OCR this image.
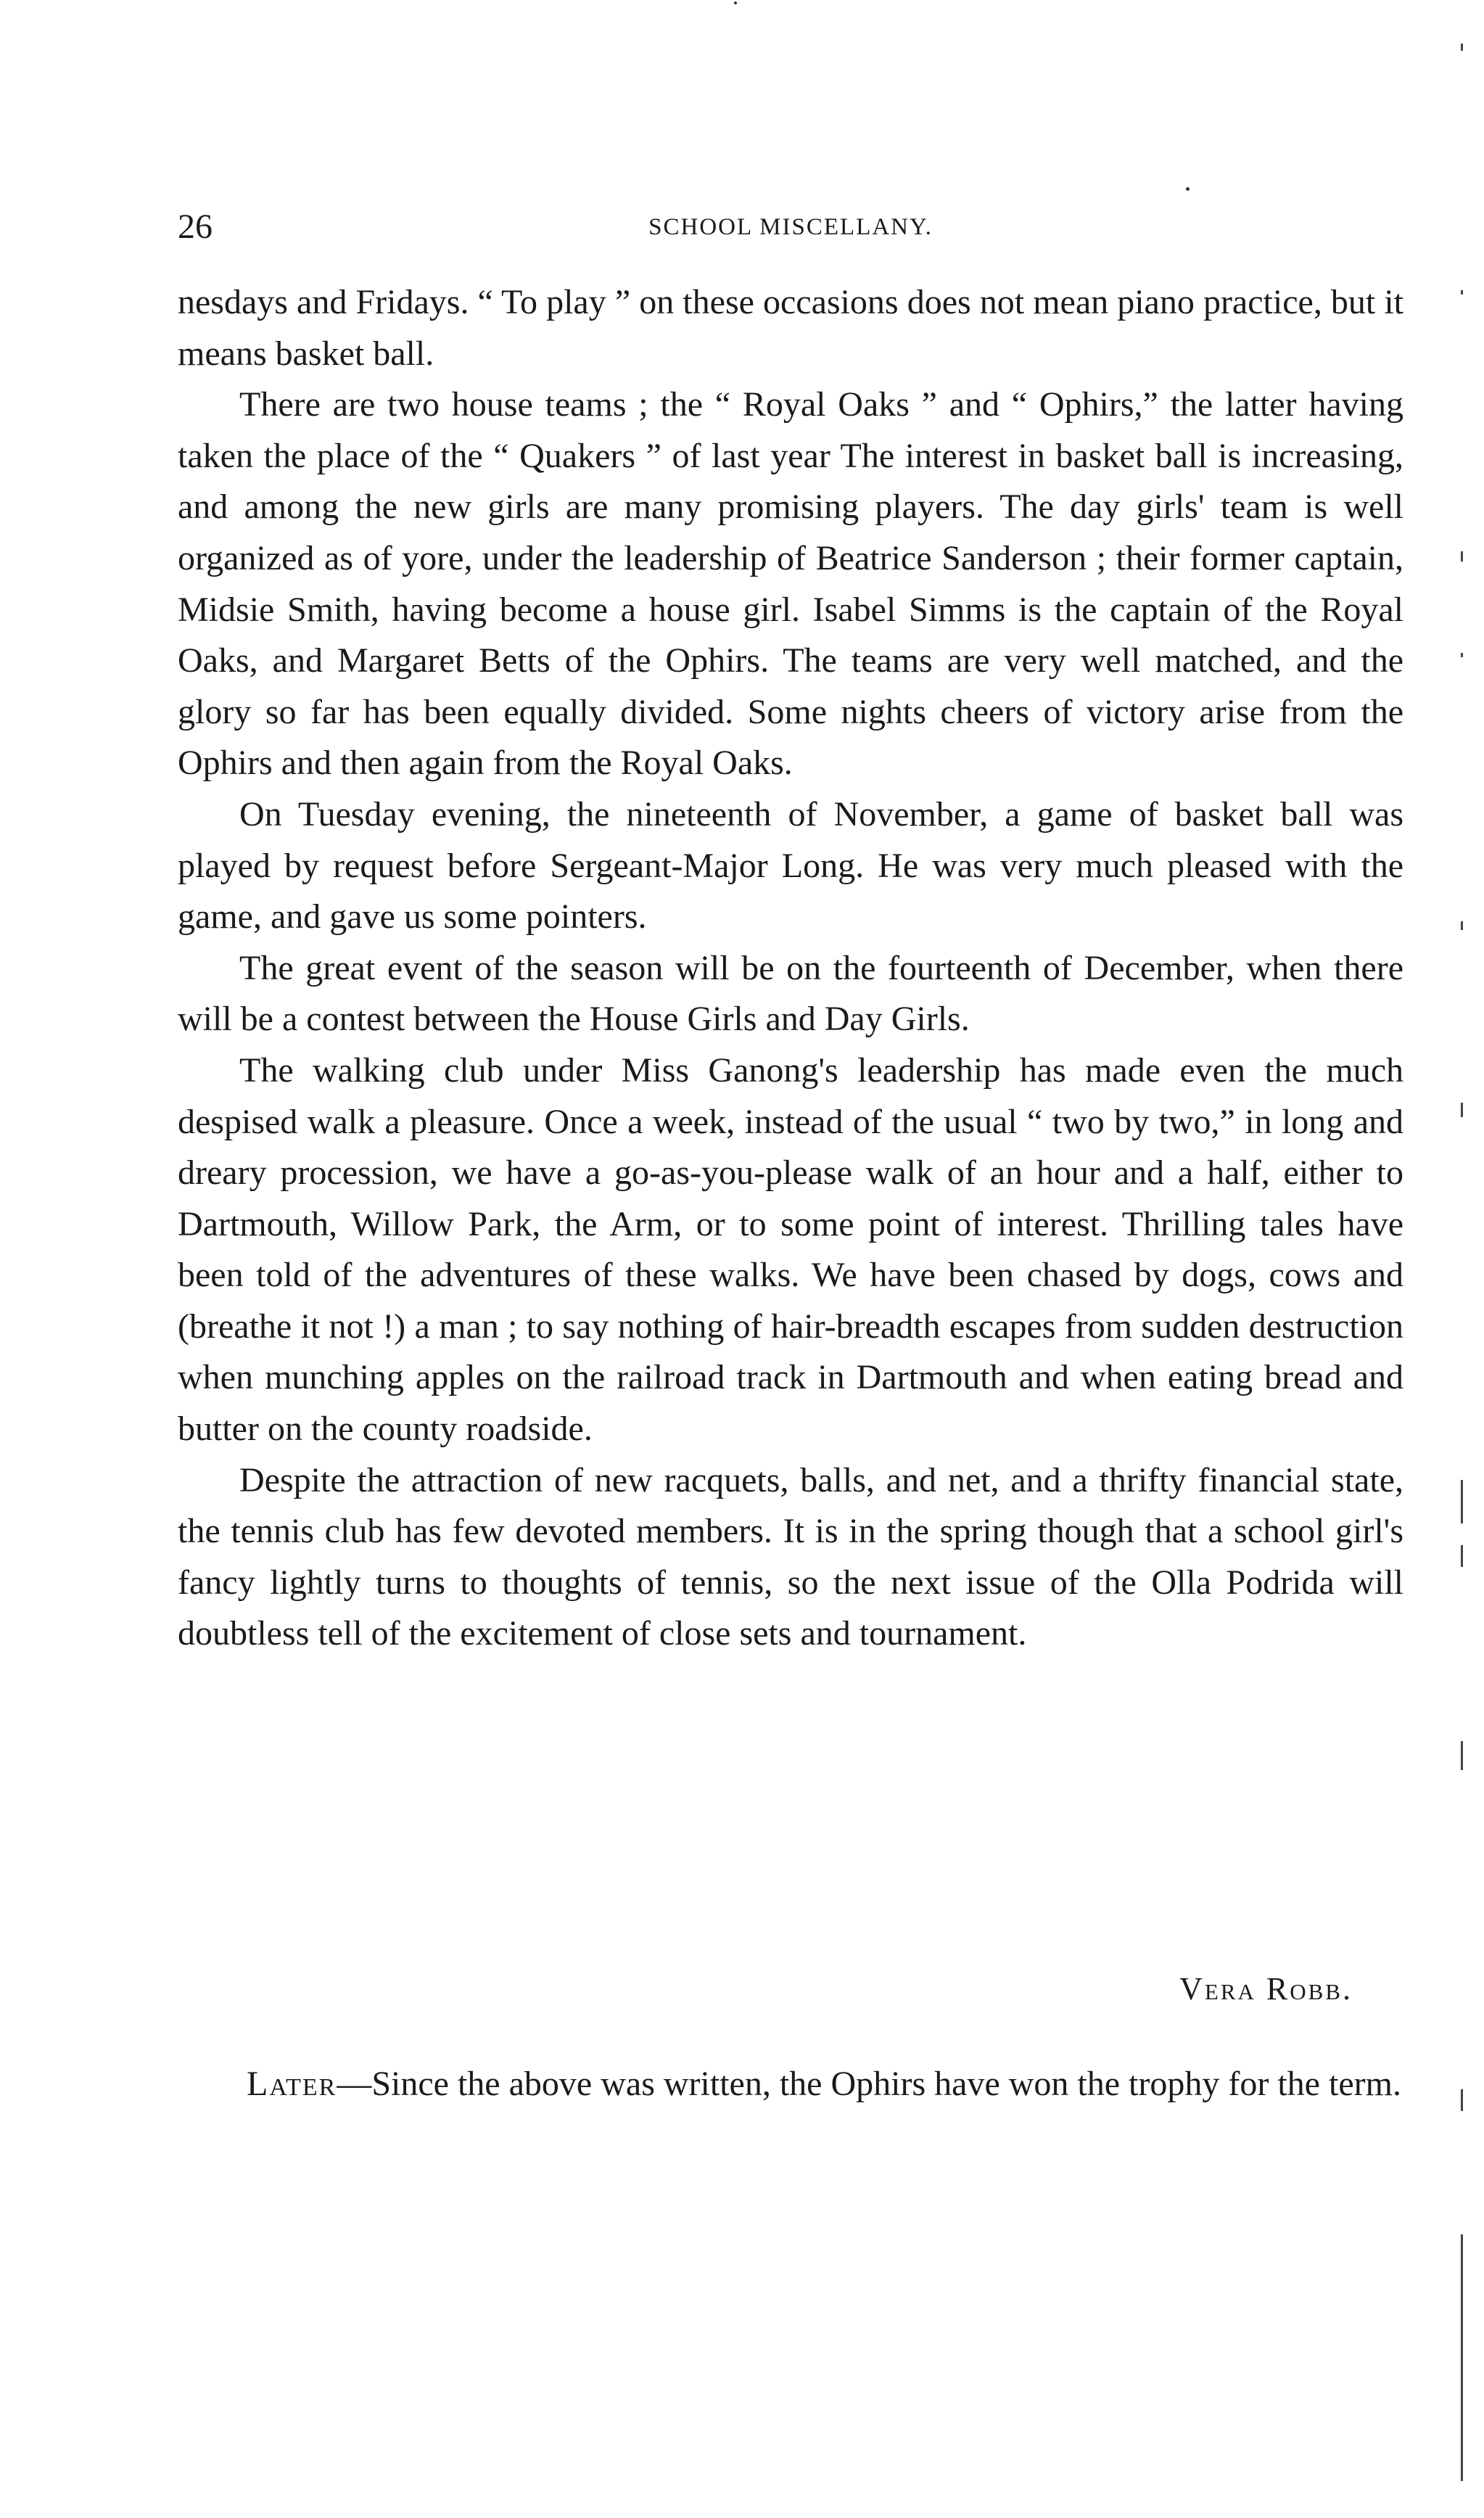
26	SCHOOL MISCELLANY.

nesdays and Fridays. “ To play ” on these occasions does not mean piano practice, but it means basket ball.

There are two house teams ; the “ Royal Oaks ” and “ Ophirs,” the latter having taken the place of the “ Quakers ” of last year The interest in basket ball is increasing, and among the new girls are many promising players. The day girls' team is well organized as of yore, under the leadership of Beatrice Sanderson ; their former captain, Midsie Smith, having become a house girl. Isabel Simms is the captain of the Royal Oaks, and Margaret Betts of the Ophirs. The teams are very well matched, and the glory so far has been equally divided. Some nights cheers of victory arise from the Ophirs and then again from the Royal Oaks.

On Tuesday evening, the nineteenth of November, a game of basket ball was played by request before Sergeant-Major Long. He was very much pleased with the game, and gave us some pointers.

The great event of the season will be on the fourteenth of December, when there will be a contest between the House Girls and Day Girls.

The walking club under Miss Ganong's leadership has made even the much despised walk a pleasure. Once a week, instead of the usual “ two by two,” in long and dreary procession, we have a go-as-you-please walk of an hour and a half, either to Dartmouth, Willow Park, the Arm, or to some point of interest. Thrilling tales have been told of the adventures of these walks. We have been chased by dogs, cows and (breathe it not !) a man ; to say nothing of hair-breadth escapes from sudden destruction when munching apples on the railroad track in Dartmouth and when eating bread and butter on the county roadside.

Despite the attraction of new racquets, balls, and net, and a thrifty financial state, the tennis club has few devoted members. It is in the spring though that a school girl's fancy lightly turns to thoughts of tennis, so the next issue of the Olla Podrida will doubtless tell of the excitement of close sets and tournament.

Vera Robb.
Later—Since the above was written, the Ophirs have won the trophy for the term.
